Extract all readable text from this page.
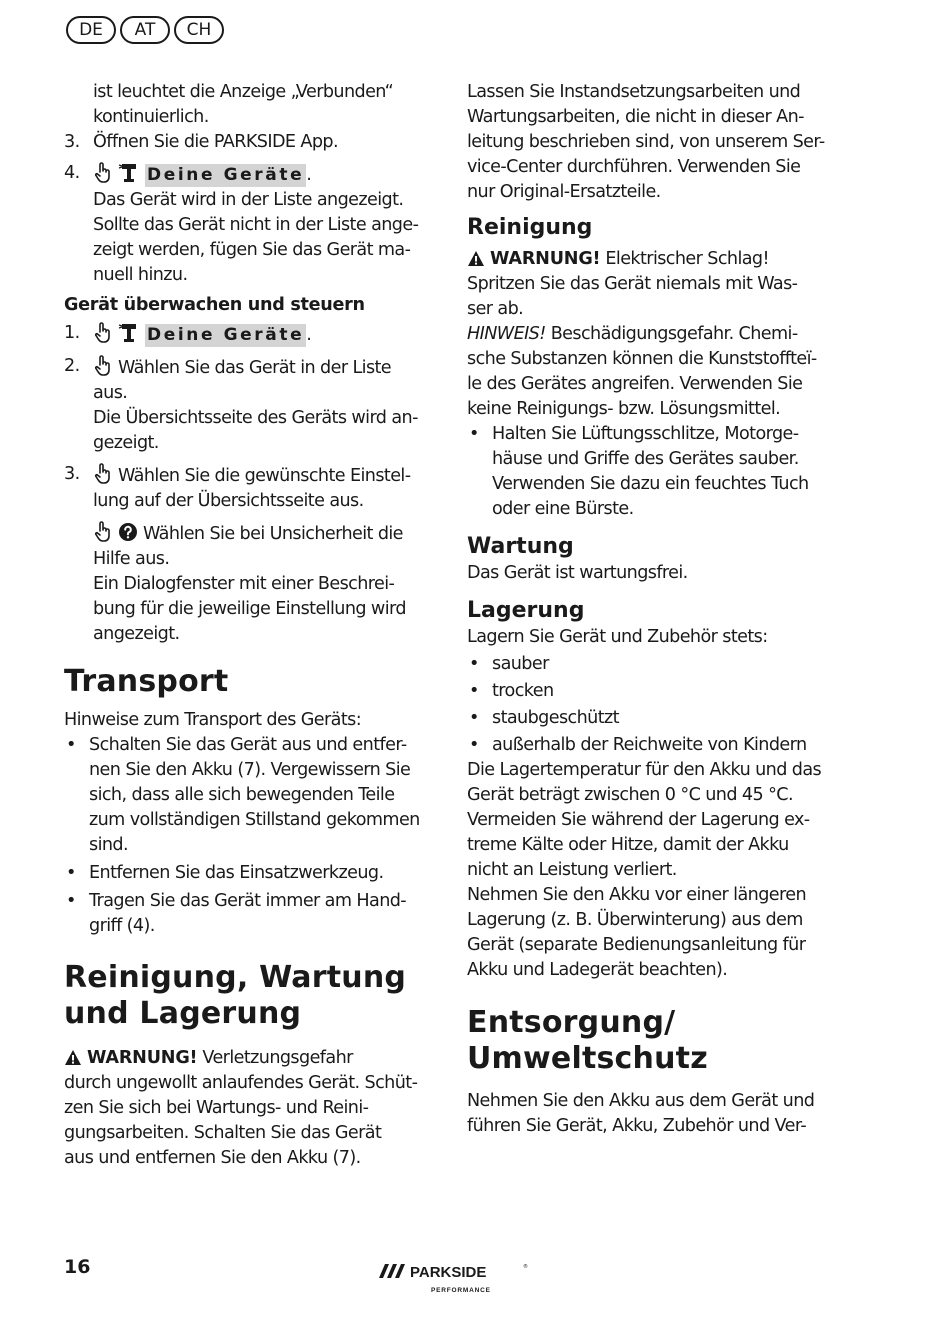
DE	AT	CH

ist leuchtet die Anzeige „Verbunden“

kontinuierlich.

3. Öffnen Sie die PARKSIDE App.
4.	Deine Geräte .

Das Gerät wird in der Liste angezeigt.

Sollte das Gerät nicht in der Liste ange-

zeigt werden, fügen Sie das Gerät ma-

nuell hinzu.

Gerät überwachen und steuern

1.	Deine Geräte .
2.	Wählen Sie das Gerät in der Liste

aus.

Die Übersichtsseite des Geräts wird an-

gezeigt.

3.	Wählen Sie die gewünschte Einstel-

lung auf der Übersichtsseite aus.

Wählen Sie bei Unsicherheit die

Hilfe aus.

Ein Dialogfenster mit einer Beschrei-

bung für die jeweilige Einstellung wird

angezeigt.

Transport

Hinweise zum Transport des Geräts:

• Schalten Sie das Gerät aus und entfer-

nen Sie den Akku (7). Vergewissern Sie

sich, dass alle sich bewegenden Teile

zum vollständigen Stillstand gekommen

sind.

• Entfernen Sie das Einsatzwerkzeug.
• Tragen Sie das Gerät immer am Hand-

griff (4).

Reinigung, Wartung

und Lagerung

WARNUNG! Verletzungsgefahr

durch ungewollt anlaufendes Gerät. Schüt-

zen Sie sich bei Wartungs- und Reini-

gungsarbeiten. Schalten Sie das Gerät

aus und entfernen Sie den Akku (7).

Lassen Sie Instandsetzungsarbeiten und

Wartungsarbeiten, die nicht in dieser An-

leitung beschrieben sind, von unserem Ser-

vice-Center durchführen. Verwenden Sie

nur Original-Ersatzteile.

Reinigung

WARNUNG! Elektrischer Schlag!

Spritzen Sie das Gerät niemals mit Was-

ser ab.

HINWEIS! Beschädigungsgefahr. Chemi-

sche Substanzen können die Kunststoffteï-

le des Gerätes angreifen. Verwenden Sie

keine Reinigungs- bzw. Lösungsmittel.

• Halten Sie Lüftungsschlitze, Motorge-

häuse und Griffe des Gerätes sauber.

Verwenden Sie dazu ein feuchtes Tuch

oder eine Bürste.

Wartung

Das Gerät ist wartungsfrei.

Lagerung

Lagern Sie Gerät und Zubehör stets:

• sauber
• trocken
• staubgeschützt
• außerhalb der Reichweite von Kindern

Die Lagertemperatur für den Akku und das

Gerät beträgt zwischen 0 °C und 45 °C.

Vermeiden Sie während der Lagerung ex-

treme Kälte oder Hitze, damit der Akku

nicht an Leistung verliert.

Nehmen Sie den Akku vor einer längeren

Lagerung (z. B. Überwinterung) aus dem

Gerät (separate Bedienungsanleitung für

Akku und Ladegerät beachten).

Entsorgung/

Umweltschutz

Nehmen Sie den Akku aus dem Gerät und

führen Sie Gerät, Akku, Zubehör und Ver-

16	PARKSIDE	®
PERFORMANCE
